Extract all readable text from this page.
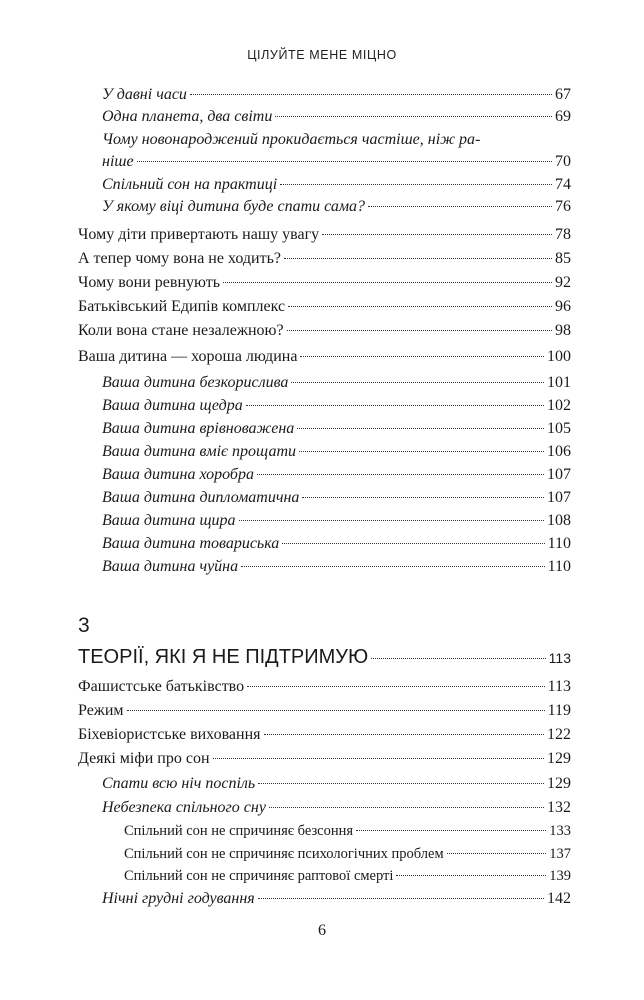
ЦІЛУЙТЕ МЕНЕ МІЦНО
У давні часи	67
Одна планета, два світи	69
Чому новонароджений прокидається частіше, ніж ра-
ніше	70
Спільний сон на практиці	74
У якому віці дитина буде спати сама?	76
Чому діти привертають нашу увагу	78
А тепер чому вона не ходить?	85
Чому вони ревнують	92
Батьківський Едипів комплекс	96
Коли вона стане незалежною?	98
Ваша дитина — хороша людина	100
Ваша дитина безкорислива	101
Ваша дитина щедра	102
Ваша дитина врівноважена	105
Ваша дитина вміє прощати	106
Ваша дитина хоробра	107
Ваша дитина дипломатична	107
Ваша дитина щира	108
Ваша дитина товариська	110
Ваша дитина чуйна	110
3
ТЕОРІЇ, ЯКІ Я НЕ ПІДТРИМУЮ	113
Фашистське батьківство	113
Режим	119
Біхевіористське виховання	122
Деякі міфи про сон	129
Спати всю ніч поспіль	129
Небезпека спільного сну	132
Спільний сон не спричиняє безсоння	133
Спільний сон не спричиняє психологічних проблем	137
Спільний сон не спричиняє раптової смерті	139
Нічні грудні годування	142
6
